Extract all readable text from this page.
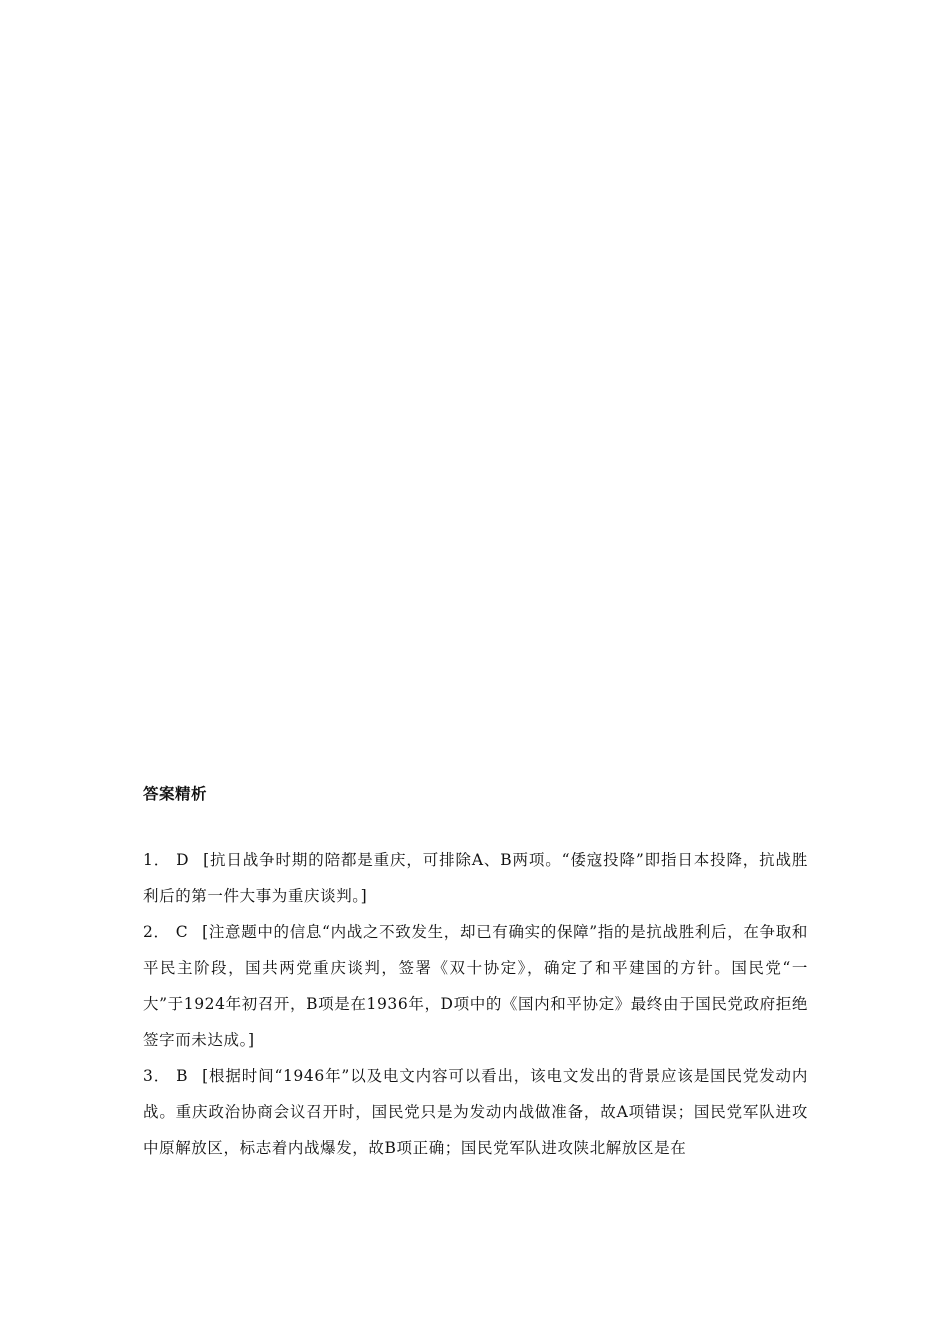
答案精析
1． D [抗日战争时期的陪都是重庆，可排除A、B两项。“倭寇投降”即指日本投降，抗战胜利后的第一件大事为重庆谈判。]
2． C [注意题中的信息“内战之不致发生，却已有确实的保障”指的是抗战胜利后，在争取和平民主阶段，国共两党重庆谈判，签署《双十协定》，确定了和平建国的方针。国民党“一大”于1924年初召开，B项是在1936年，D项中的《国内和平协定》最终由于国民党政府拒绝签字而未达成。]
3． B [根据时间“1946年”以及电文内容可以看出，该电文发出的背景应该是国民党发动内战。重庆政治协商会议召开时，国民党只是为发动内战做准备，故A项错误；国民党军队进攻中原解放区，标志着内战爆发，故B项正确；国民党军队进攻陕北解放区是在
